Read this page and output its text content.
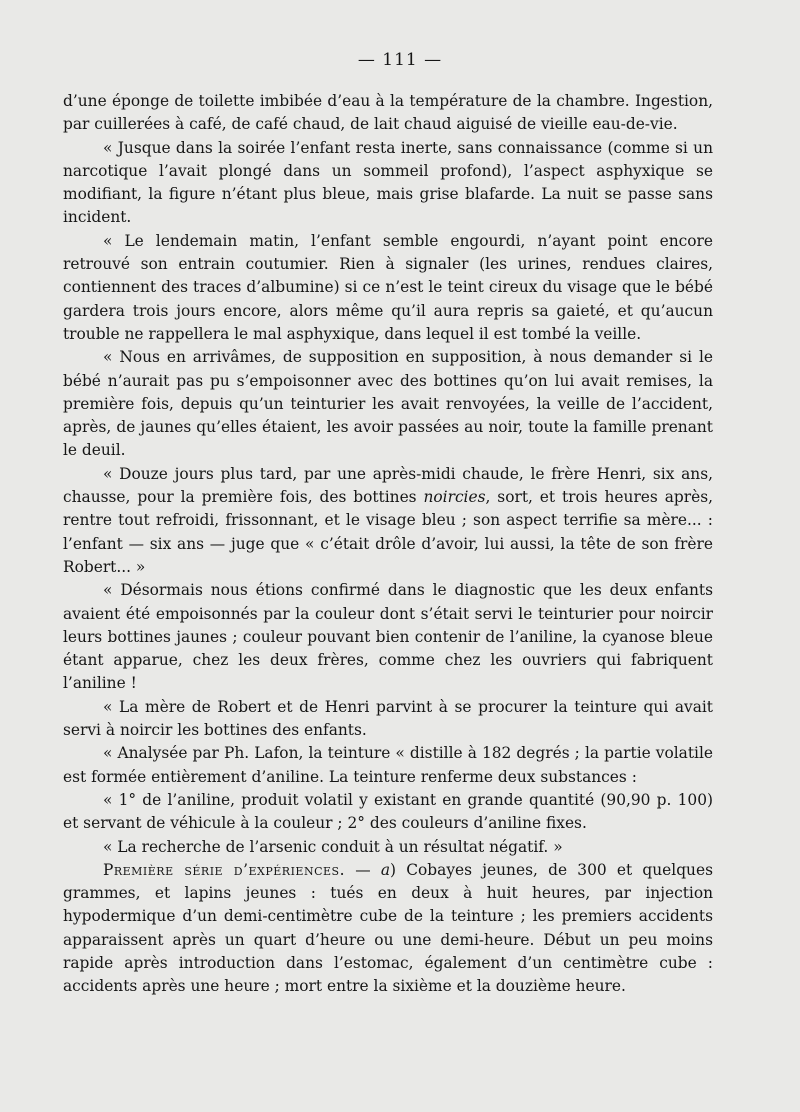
— 111 —

d’une éponge de toilette imbibée d’eau à la température de la chambre. Ingestion, par cuillerées à café, de café chaud, de lait chaud aiguisé de vieille eau-de-vie.

« Jusque dans la soirée l’enfant resta inerte, sans connaissance (comme si un narcotique l’avait plongé dans un sommeil profond), l’aspect asphyxique se modifiant, la figure n’étant plus bleue, mais grise blafarde. La nuit se passe sans incident.

« Le lendemain matin, l’enfant semble engourdi, n’ayant point encore retrouvé son entrain coutumier. Rien à signaler (les urines, rendues claires, contiennent des traces d’albumine) si ce n’est le teint cireux du visage que le bébé gardera trois jours encore, alors même qu’il aura repris sa gaieté, et qu’aucun trouble ne rappellera le mal asphyxique, dans lequel il est tombé la veille.

« Nous en arrivâmes, de supposition en supposition, à nous demander si le bébé n’aurait pas pu s’empoisonner avec des bottines qu’on lui avait remises, la première fois, depuis qu’un teinturier les avait renvoyées, la veille de l’accident, après, de jaunes qu’elles étaient, les avoir passées au noir, toute la famille prenant le deuil.

« Douze jours plus tard, par une après-midi chaude, le frère Henri, six ans, chausse, pour la première fois, des bottines noircies, sort, et trois heures après, rentre tout refroidi, frissonnant, et le visage bleu ; son aspect terrifie sa mère... : l’enfant — six ans — juge que « c’était drôle d’avoir, lui aussi, la tête de son frère Robert... »

« Désormais nous étions confirmé dans le diagnostic que les deux enfants avaient été empoisonnés par la couleur dont s’était servi le teinturier pour noircir leurs bottines jaunes ; couleur pouvant bien contenir de l’aniline, la cyanose bleue étant apparue, chez les deux frères, comme chez les ouvriers qui fabriquent l’aniline !

« La mère de Robert et de Henri parvint à se procurer la teinture qui avait servi à noircir les bottines des enfants.

« Analysée par Ph. Lafon, la teinture « distille à 182 degrés ; la partie volatile est formée entièrement d’aniline. La teinture renferme deux substances :

« 1° de l’aniline, produit volatil y existant en grande quantité (90,90 p. 100) et servant de véhicule à la couleur ; 2° des couleurs d’aniline fixes.

« La recherche de l’arsenic conduit à un résultat négatif. »

Première série d’expériences. — a) Cobayes jeunes, de 300 et quelques grammes, et lapins jeunes : tués en deux à huit heures, par injection hypodermique d’un demi-centimètre cube de la teinture ; les premiers accidents apparaissent après un quart d’heure ou une demi-heure. Début un peu moins rapide après introduction dans l’estomac, également d’un centimètre cube : accidents après une heure ; mort entre la sixième et la douzième heure.
